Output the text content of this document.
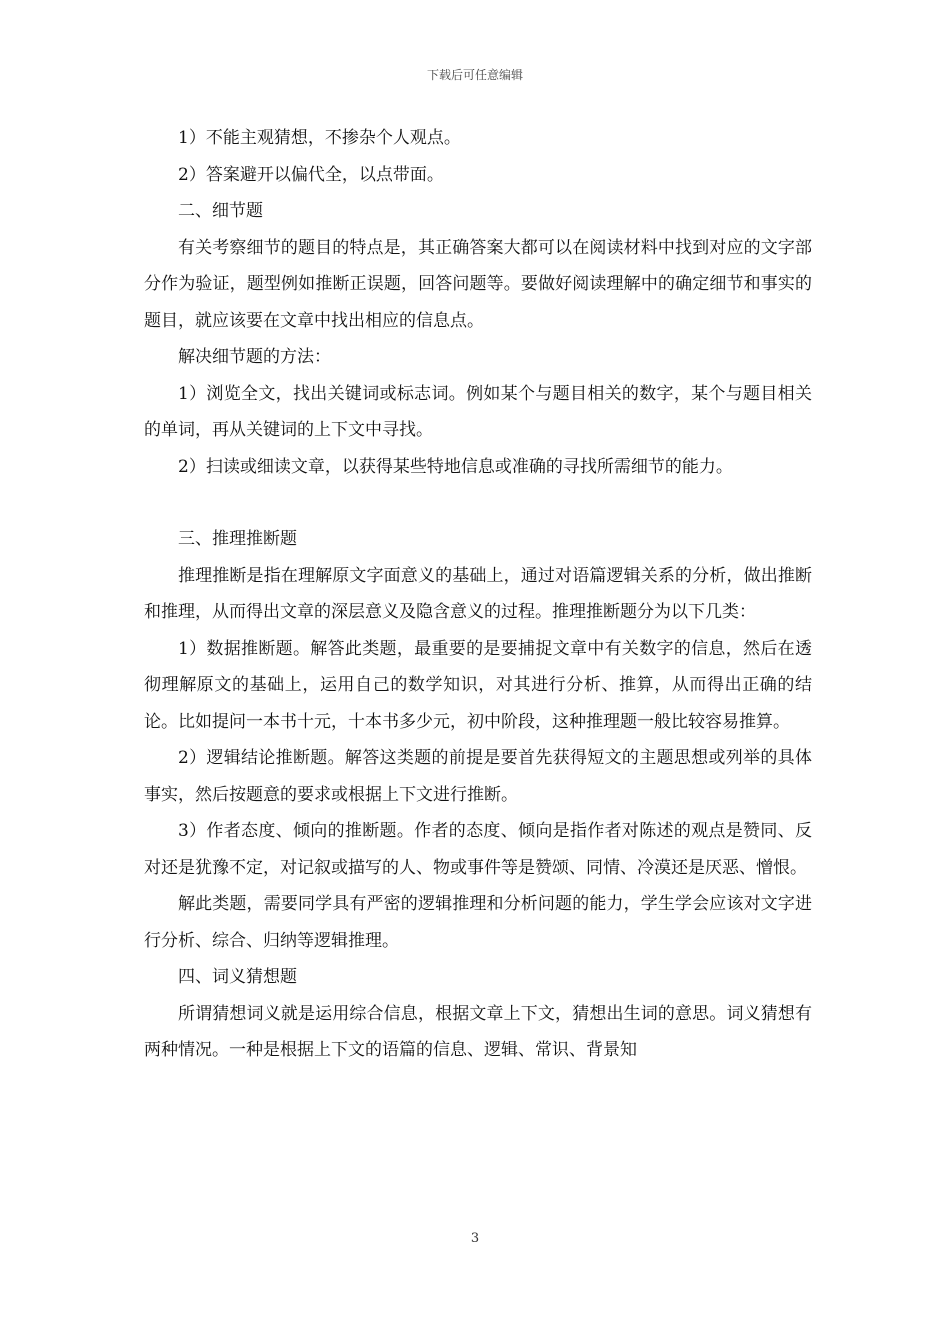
下载后可任意编辑

1）不能主观猜想，不掺杂个人观点。

2）答案避开以偏代全，以点带面。

二、细节题

有关考察细节的题目的特点是，其正确答案大都可以在阅读材料中找到对应的文字部分作为验证，题型例如推断正误题，回答问题等。要做好阅读理解中的确定细节和事实的题目，就应该要在文章中找出相应的信息点。

解决细节题的方法：

1）浏览全文，找出关键词或标志词。例如某个与题目相关的数字，某个与题目相关的单词，再从关键词的上下文中寻找。

2）扫读或细读文章，以获得某些特地信息或准确的寻找所需细节的能力。

三、推理推断题

推理推断是指在理解原文字面意义的基础上，通过对语篇逻辑关系的分析，做出推断和推理，从而得出文章的深层意义及隐含意义的过程。推理推断题分为以下几类：

1）数据推断题。解答此类题，最重要的是要捕捉文章中有关数字的信息，然后在透彻理解原文的基础上，运用自己的数学知识，对其进行分析、推算，从而得出正确的结论。比如提问一本书十元，十本书多少元，初中阶段，这种推理题一般比较容易推算。

2）逻辑结论推断题。解答这类题的前提是要首先获得短文的主题思想或列举的具体事实，然后按题意的要求或根据上下文进行推断。

3）作者态度、倾向的推断题。作者的态度、倾向是指作者对陈述的观点是赞同、反对还是犹豫不定，对记叙或描写的人、物或事件等是赞颂、同情、冷漠还是厌恶、憎恨。

解此类题，需要同学具有严密的逻辑推理和分析问题的能力，学生学会应该对文字进行分析、综合、归纳等逻辑推理。

四、词义猜想题

所谓猜想词义就是运用综合信息，根据文章上下文，猜想出生词的意思。词义猜想有两种情况。一种是根据上下文的语篇的信息、逻辑、常识、背景知

3
